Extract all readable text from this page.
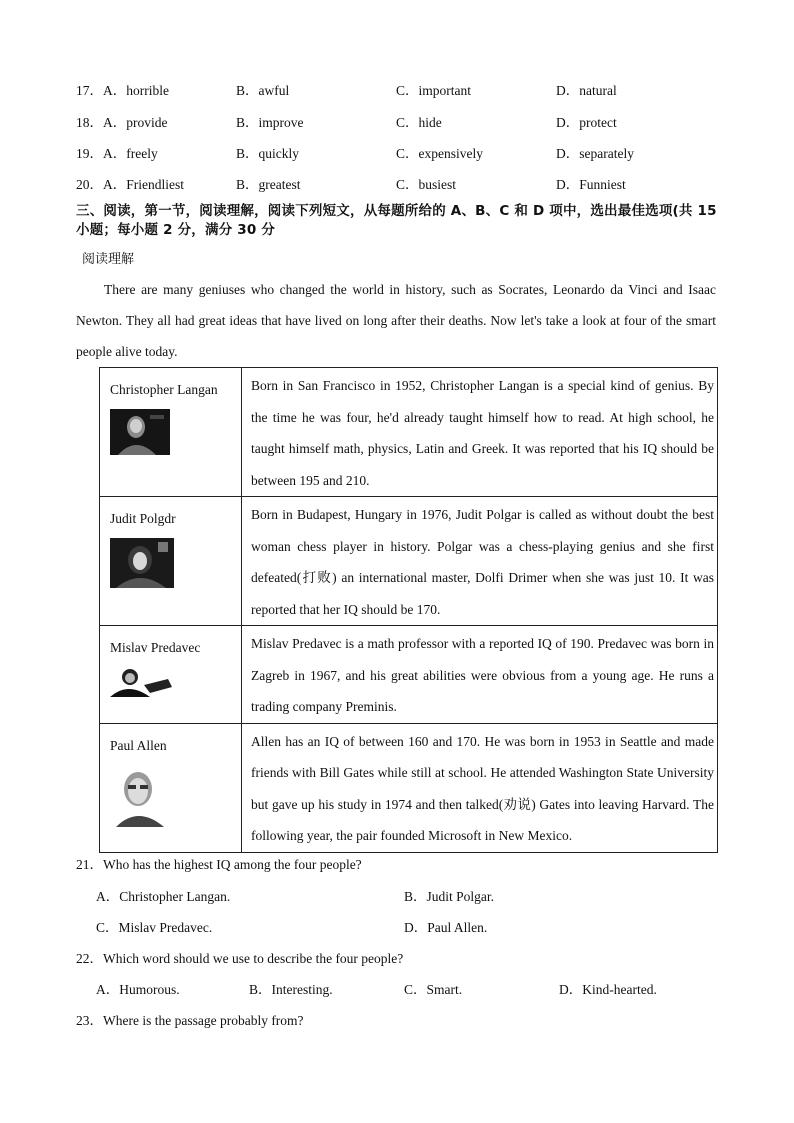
17．A．horrible	B．awful	C．important	D．natural
18．A．provide	B．improve	C．hide	D．protect
19．A．freely	B．quickly	C．expensively	D．separately
20．A．Friendliest	B．greatest	C．busiest	D．Funniest
三、阅读，第一节，阅读理解，阅读下列短文，从每题所给的 A、B、C 和 D 项中，选出最佳选项(共 15 小题；每小题 2 分，满分 30 分
阅读理解
There are many geniuses who changed the world in history, such as Socrates, Leonardo da Vinci and Isaac Newton. They all had great ideas that have lived on long after their deaths. Now let's take a look at four of the smart people alive today.
Christopher Langan	Born in San Francisco in 1952, Christopher Langan is a special kind of genius. By the time he was four, he'd already taught himself how to read. At high school, he taught himself math, physics, Latin and Greek. It was reported that his IQ should be between 195 and 210.

Judit Polgdr	Born in Budapest, Hungary in 1976, Judit Polgar is called as without doubt the best woman chess player in history. Polgar was a chess-playing genius and she first defeated(打败) an international master, Dolfi Drimer when she was just 10. It was reported that her IQ should be 170.

Mislav Predavec	Mislav Predavec is a math professor with a reported IQ of 190. Predavec was born in Zagreb in 1967, and his great abilities were obvious from a young age. He runs a trading company Preminis.

Paul Allen	Allen has an IQ of between 160 and 170. He was born in 1953 in Seattle and made friends with Bill Gates while still at school. He attended Washington State University but gave up his study in 1974 and then talked(劝说) Gates into leaving Harvard. The following year, the pair founded Microsoft in New Mexico.
21．Who has the highest IQ among the four people?
A．Christopher Langan.	B．Judit Polgar.
C．Mislav Predavec.	D．Paul Allen.
22．Which word should we use to describe the four people?
A．Humorous.	B．Interesting.	C．Smart.	D．Kind-hearted.
23．Where is the passage probably from?
